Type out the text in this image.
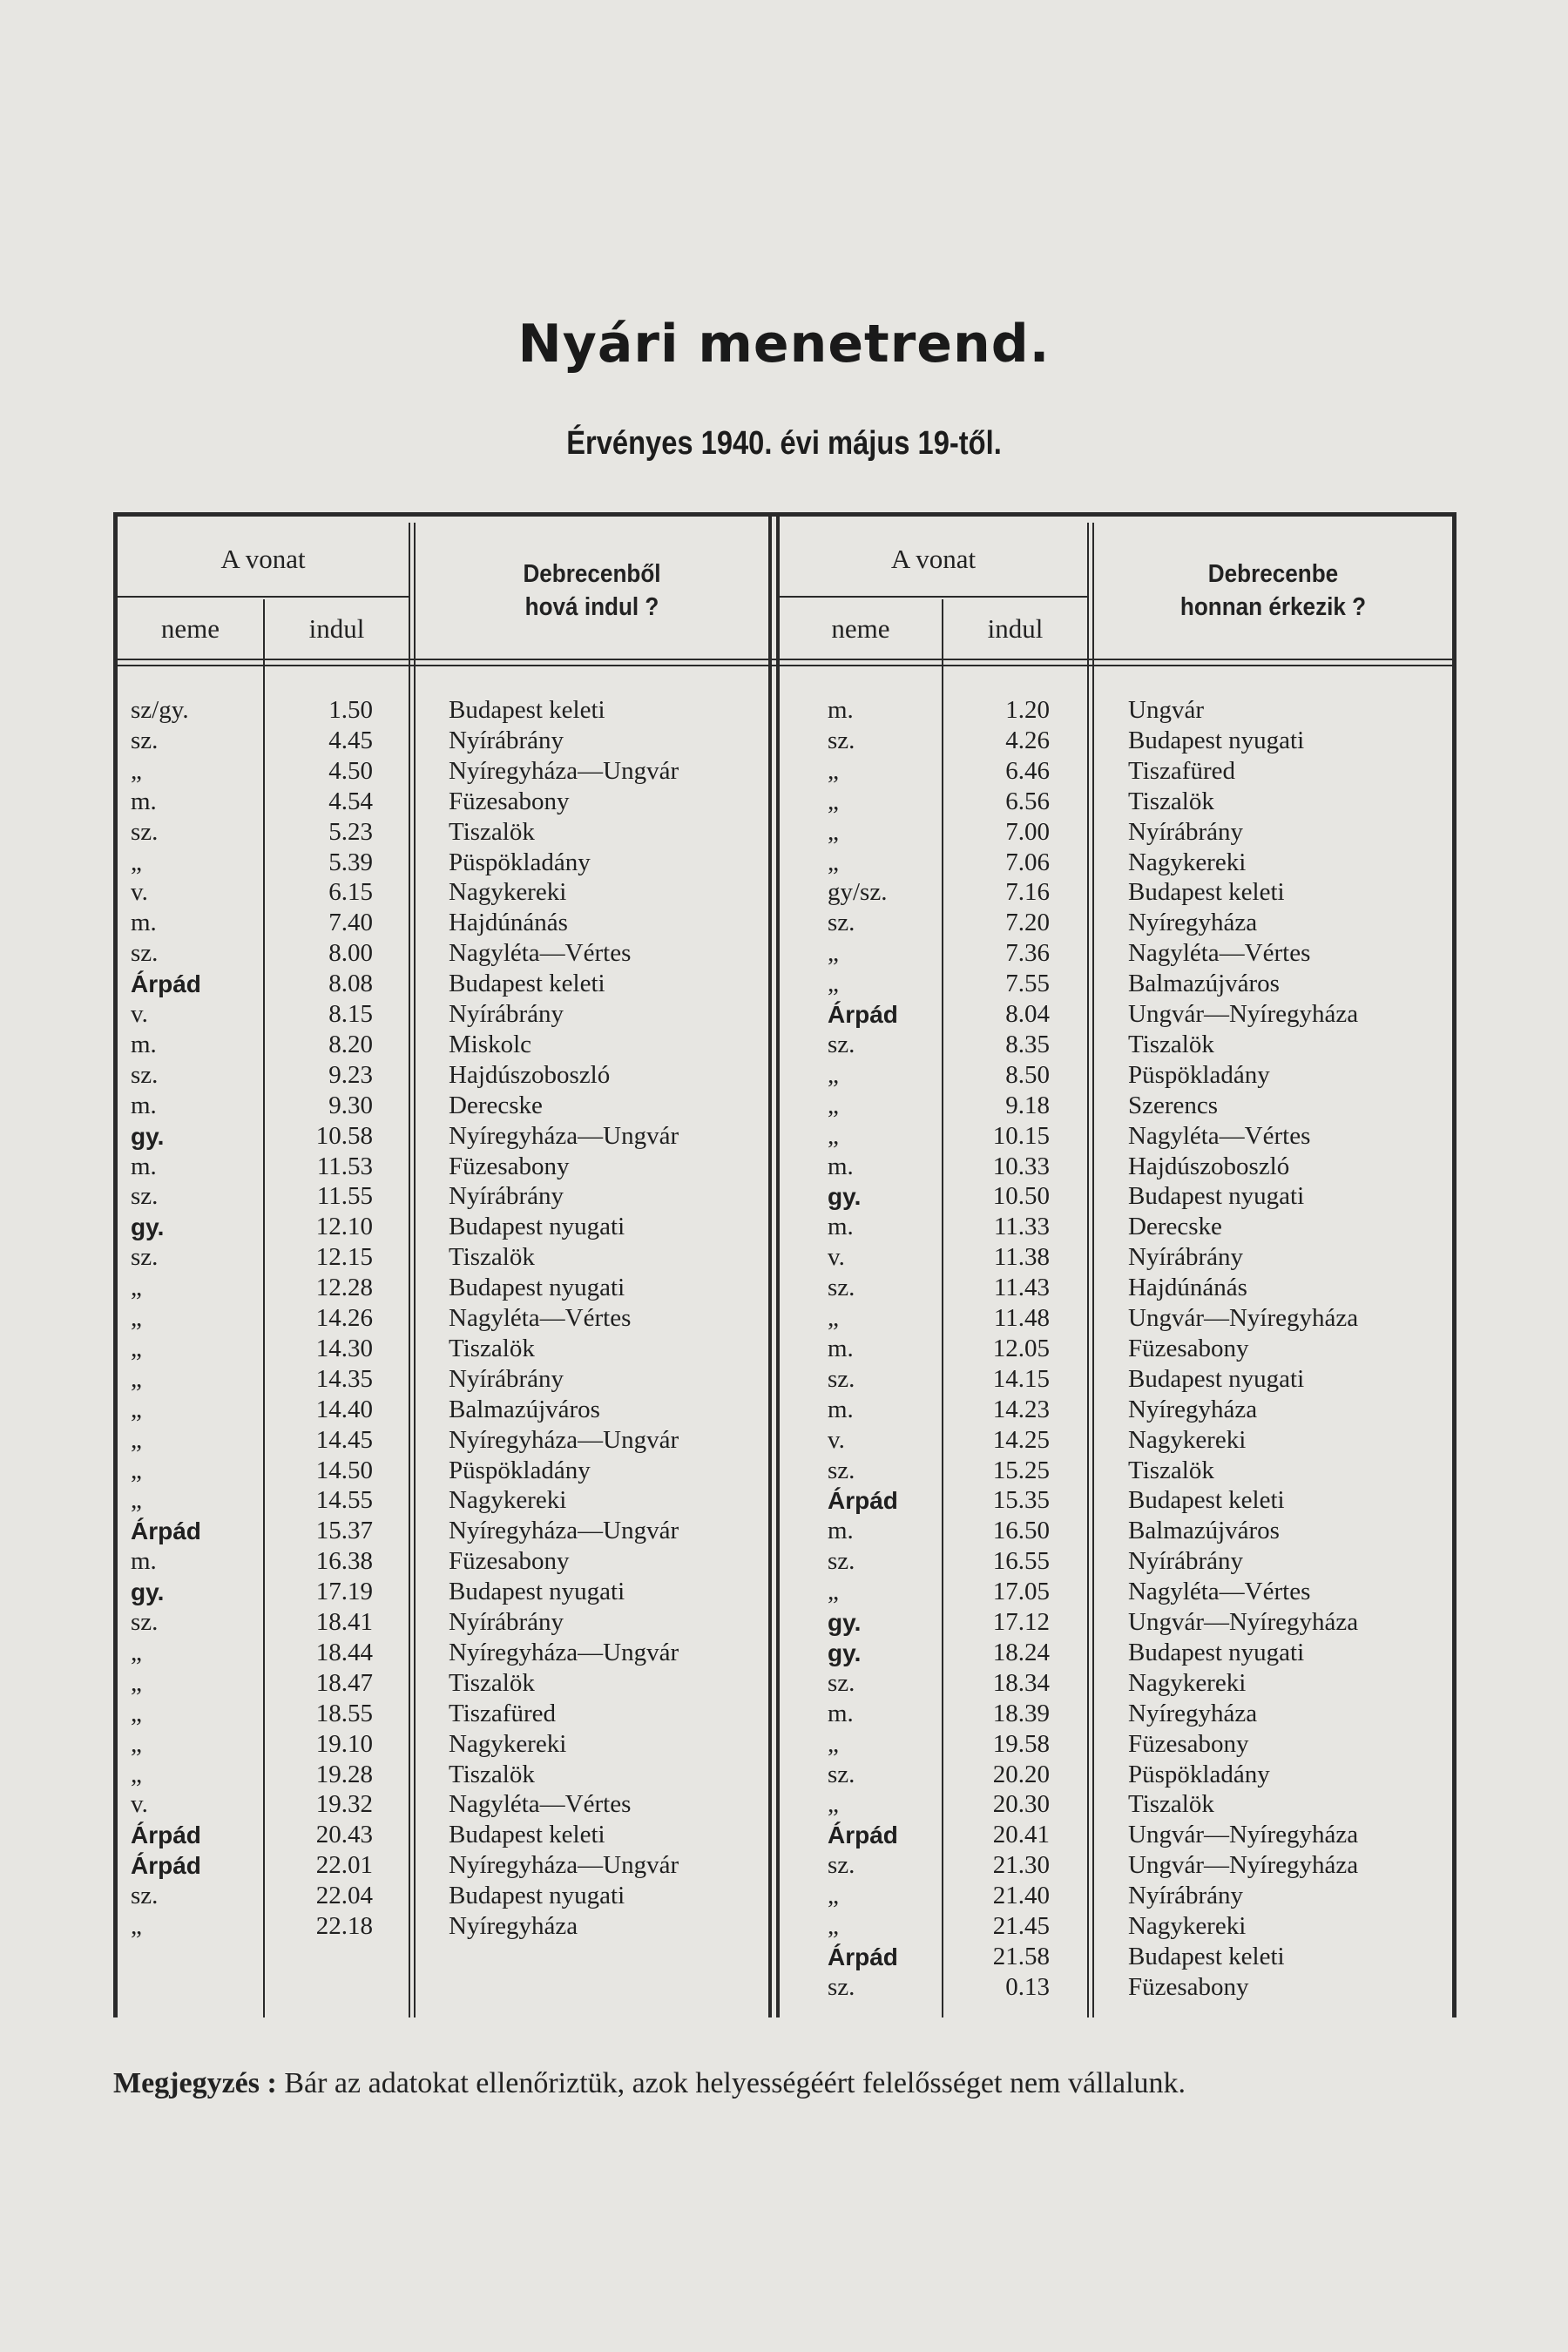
Nyári menetrend.
Érvényes 1940. évi május 19-től.
A vonat
neme	indul
Debrecenből
hová indul ?
A vonat
neme	indul
Debrecenbe
honnan érkezik ?
sz/gy.	1.50	Budapest keleti
sz.	4.45	Nyírábrány
„	4.50	Nyíregyháza—Ungvár
m.	4.54	Füzesabony
sz.	5.23	Tiszalök
„	5.39	Püspökladány
v.	6.15	Nagykereki
m.	7.40	Hajdúnánás
sz.	8.00	Nagyléta—Vértes
Árpád	8.08	Budapest keleti
v.	8.15	Nyírábrány
m.	8.20	Miskolc
sz.	9.23	Hajdúszoboszló
m.	9.30	Derecske
gy.	10.58	Nyíregyháza—Ungvár
m.	11.53	Füzesabony
sz.	11.55	Nyírábrány
gy.	12.10	Budapest nyugati
sz.	12.15	Tiszalök
„	12.28	Budapest nyugati
„	14.26	Nagyléta—Vértes
„	14.30	Tiszalök
„	14.35	Nyírábrány
„	14.40	Balmazújváros
„	14.45	Nyíregyháza—Ungvár
„	14.50	Püspökladány
„	14.55	Nagykereki
Árpád	15.37	Nyíregyháza—Ungvár
m.	16.38	Füzesabony
gy.	17.19	Budapest nyugati
sz.	18.41	Nyírábrány
„	18.44	Nyíregyháza—Ungvár
„	18.47	Tiszalök
„	18.55	Tiszafüred
„	19.10	Nagykereki
„	19.28	Tiszalök
v.	19.32	Nagyléta—Vértes
Árpád	20.43	Budapest keleti
Árpád	22.01	Nyíregyháza—Ungvár
sz.	22.04	Budapest nyugati
„	22.18	Nyíregyháza
m.	1.20	Ungvár
sz.	4.26	Budapest nyugati
„	6.46	Tiszafüred
„	6.56	Tiszalök
„	7.00	Nyírábrány
„	7.06	Nagykereki
gy/sz.	7.16	Budapest keleti
sz.	7.20	Nyíregyháza
„	7.36	Nagyléta—Vértes
„	7.55	Balmazújváros
Árpád	8.04	Ungvár—Nyíregyháza
sz.	8.35	Tiszalök
„	8.50	Püspökladány
„	9.18	Szerencs
„	10.15	Nagyléta—Vértes
m.	10.33	Hajdúszoboszló
gy.	10.50	Budapest nyugati
m.	11.33	Derecske
v.	11.38	Nyírábrány
sz.	11.43	Hajdúnánás
„	11.48	Ungvár—Nyíregyháza
m.	12.05	Füzesabony
sz.	14.15	Budapest nyugati
m.	14.23	Nyíregyháza
v.	14.25	Nagykereki
sz.	15.25	Tiszalök
Árpád	15.35	Budapest keleti
m.	16.50	Balmazújváros
sz.	16.55	Nyírábrány
„	17.05	Nagyléta—Vértes
gy.	17.12	Ungvár—Nyíregyháza
gy.	18.24	Budapest nyugati
sz.	18.34	Nagykereki
m.	18.39	Nyíregyháza
„	19.58	Füzesabony
sz.	20.20	Püspökladány
„	20.30	Tiszalök
Árpád	20.41	Ungvár—Nyíregyháza
sz.	21.30	Ungvár—Nyíregyháza
„	21.40	Nyírábrány
„	21.45	Nagykereki
Árpád	21.58	Budapest keleti
sz.	0.13	Füzesabony
Megjegyzés : Bár az adatokat ellenőriztük, azok helyességéért felelősséget nem vállalunk.
